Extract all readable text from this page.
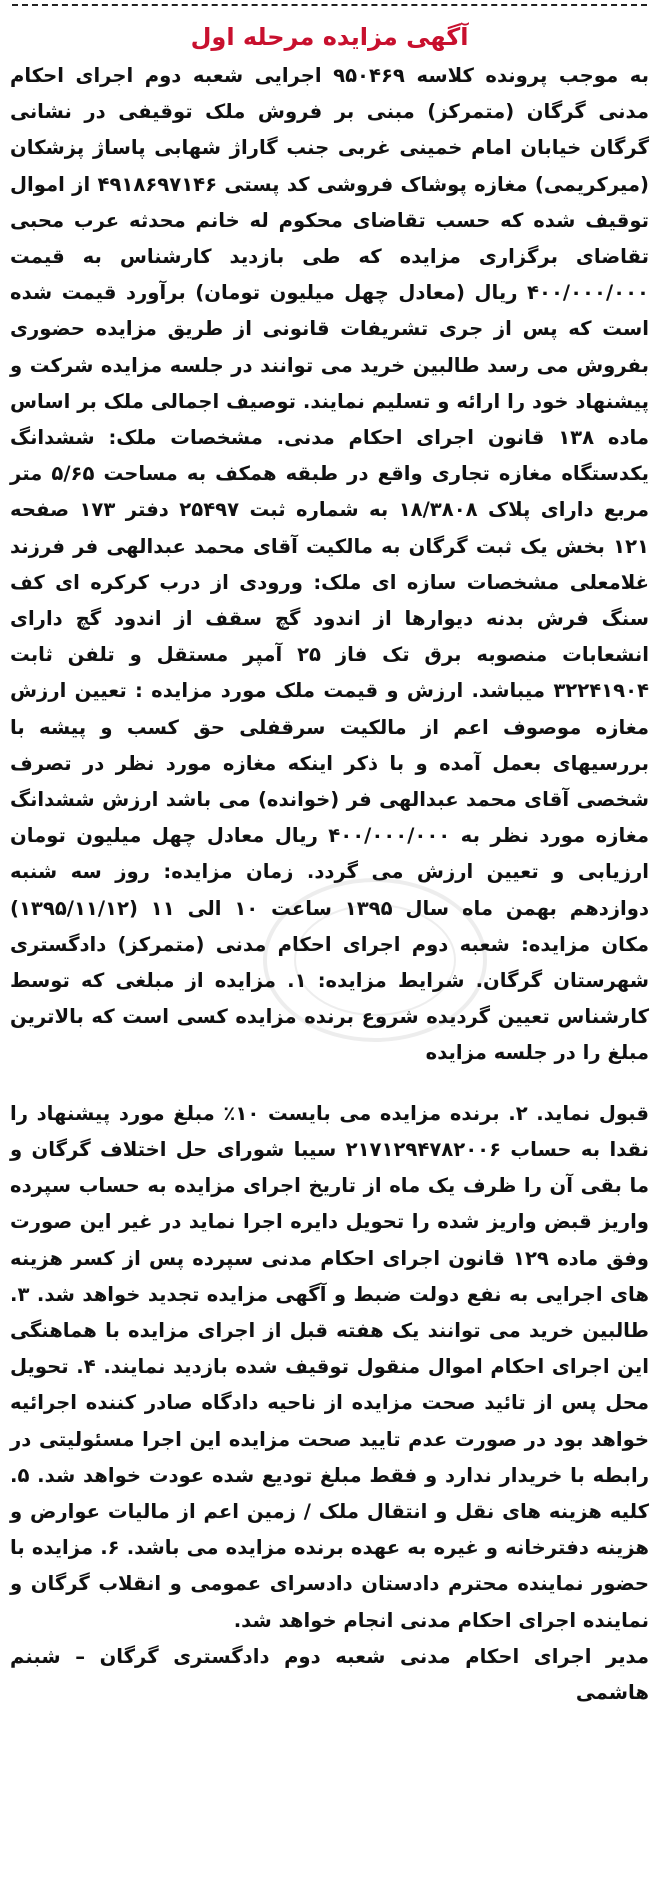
آگهی مزایده مرحله اول

به موجب پرونده کلاسه ۹۵۰۴۶۹ اجرایی شعبه دوم اجرای احکام مدنی گرگان (متمرکز) مبنی بر فروش ملک توقیفی در نشانی گرگان خیابان امام خمینی غربی جنب گاراژ شهابی پاساژ پزشکان (میرکریمی) مغازه پوشاک فروشی کد پستی ۴۹۱۸۶۹۷۱۴۶ از اموال توقیف شده که حسب تقاضای محکوم له خانم محدثه عرب محبی تقاضای برگزاری مزایده که طی بازدید کارشناس به قیمت ۴۰۰/۰۰۰/۰۰۰ ریال (معادل چهل میلیون تومان) برآورد قیمت شده است که پس از جری تشریفات قانونی از طریق مزایده حضوری بفروش می رسد طالبین خرید می توانند در جلسه مزایده شرکت و پیشنهاد خود را ارائه و تسلیم نمایند. توصیف اجمالی ملک بر اساس ماده ۱۳۸ قانون اجرای احکام مدنی. مشخصات ملک: ششدانگ یکدستگاه مغازه تجاری واقع در طبقه همکف به مساحت ۵/۶۵ متر مربع دارای پلاک ۱۸/۳۸۰۸ به شماره ثبت ۲۵۴۹۷ دفتر ۱۷۳ صفحه ۱۲۱ بخش یک ثبت گرگان به مالکیت آقای محمد عبدالهی فر فرزند غلامعلی مشخصات سازه ای ملک: ورودی از درب کرکره ای کف سنگ فرش بدنه دیوارها از اندود گچ سقف از اندود گچ دارای انشعابات منصوبه برق تک فاز ۲۵ آمپر مستقل و تلفن ثابت ۳۲۲۴۱۹۰۴ میباشد. ارزش و قیمت ملک مورد مزایده : تعیین ارزش مغازه موصوف اعم از مالکیت سرقفلی حق کسب و پیشه با بررسیهای بعمل آمده و با ذکر اینکه مغازه مورد نظر در تصرف شخصی آقای محمد عبدالهی فر (خوانده) می باشد ارزش ششدانگ مغازه مورد نظر به ۴۰۰/۰۰۰/۰۰۰ ریال معادل چهل میلیون تومان ارزیابی و تعیین ارزش می گردد. زمان مزایده: روز سه شنبه دوازدهم بهمن ماه سال ۱۳۹۵ ساعت ۱۰ الی ۱۱ (۱۳۹۵/۱۱/۱۲) مکان مزایده: شعبه دوم اجرای احکام مدنی (متمرکز) دادگستری شهرستان گرگان. شرایط مزایده: ۱. مزایده از مبلغی که توسط کارشناس تعیین گردیده شروع برنده مزایده کسی است که بالاترین مبلغ را در جلسه مزایده

قبول نماید. ۲. برنده مزایده می بایست ۱۰٪ مبلغ مورد پیشنهاد را نقدا به حساب ۲۱۷۱۲۹۴۷۸۲۰۰۶ سیبا شورای حل اختلاف گرگان و ما بقی آن را ظرف یک ماه از تاریخ اجرای مزایده به حساب سپرده واریز قبض واریز شده را تحویل دایره اجرا نماید در غیر این صورت وفق ماده ۱۲۹ قانون اجرای احکام مدنی سپرده پس از کسر هزینه های اجرایی به نفع دولت ضبط و آگهی مزایده تجدید خواهد شد. ۳. طالبین خرید می توانند یک هفته قبل از اجرای مزایده با هماهنگی این اجرای احکام اموال منقول توقیف شده بازدید نمایند. ۴. تحویل محل پس از تائید صحت مزایده از ناحیه دادگاه صادر کننده اجرائیه خواهد بود در صورت عدم تایید صحت مزایده این اجرا مسئولیتی در رابطه با خریدار ندارد و فقط مبلغ تودیع شده عودت خواهد شد. ۵. کلیه هزینه های نقل و انتقال ملک / زمین اعم از مالیات عوارض و هزینه دفترخانه و غیره به عهده برنده مزایده می باشد. ۶. مزایده با حضور نماینده محترم دادستان دادسرای عمومی و انقلاب گرگان و نماینده اجرای احکام مدنی انجام خواهد شد.

مدیر اجرای احکام مدنی شعبه دوم دادگستری گرگان – شبنم هاشمی
